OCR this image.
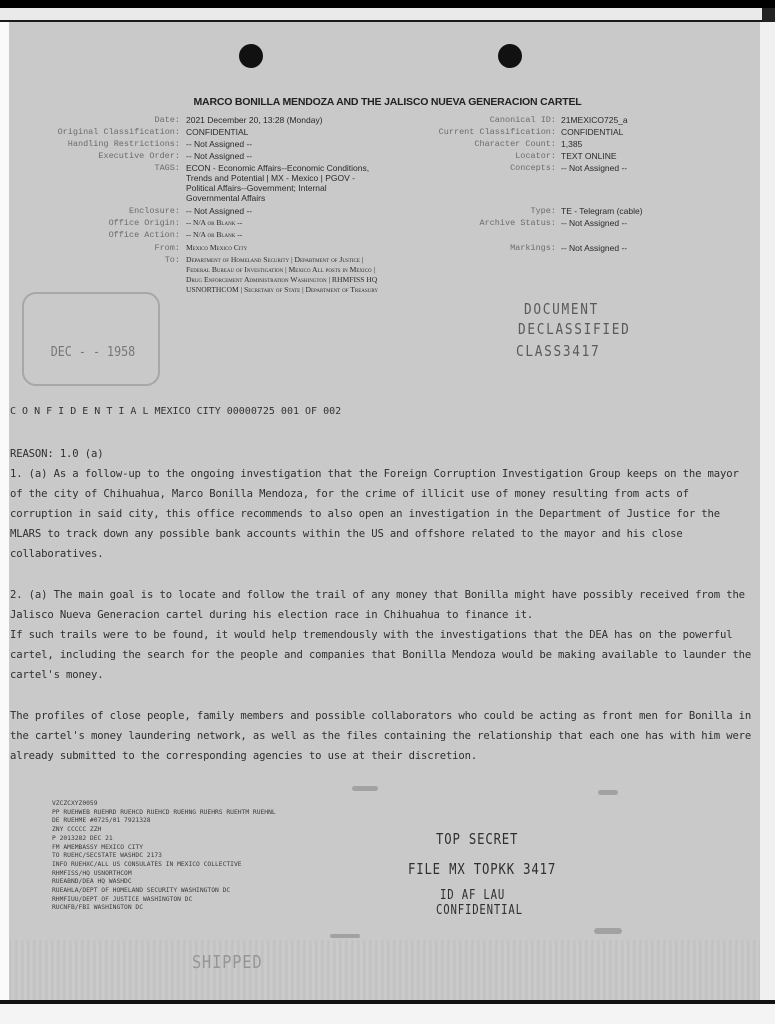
MARCO BONILLA MENDOZA AND THE JALISCO NUEVA GENERACION CARTEL
Date: 2021 December 20, 13:28 (Monday)
Original Classification: CONFIDENTIAL
Handling Restrictions: -- Not Assigned --
Executive Order: -- Not Assigned --
TAGS: ECON - Economic Affairs--Economic Conditions, Trends and Potential | MX - Mexico | PGOV - Political Affairs--Government; Internal Governmental Affairs
Enclosure: -- Not Assigned --
Office Origin: -- N/A or Blank --
Office Action: -- N/A or Blank --
From: Mexico Mexico City
To: Department of Homeland Security | Department of Justice | Federal Bureau of Investigation | Mexico All posts in Mexico | Drug Enforcement Administration Washington | RHMFISS HQ USNORTHCOM | Secretary of State | Department of Treasury
Canonical ID: 21MEXICO725_a
Current Classification: CONFIDENTIAL
Character Count: 1,385
Locator: TEXT ONLINE
Concepts: -- Not Assigned --
Type: TE - Telegram (cable)
Archive Status: -- Not Assigned --
Markings: -- Not Assigned --
DEC - - 1958
DOCUMENT
DECLASSIFIED
CLASS3417
C O N F I D E N T I A L MEXICO CITY 00000725 001 OF 002
REASON: 1.0 (a)
1. (a) As a follow-up to the ongoing investigation that the Foreign Corruption Investigation Group keeps on the mayor of the city of Chihuahua, Marco Bonilla Mendoza, for the crime of illicit use of money resulting from acts of corruption in said city, this office recommends to also open an investigation in the Department of Justice for the MLARS to track down any possible bank accounts within the US and offshore related to the mayor and his close collaboratives.
2. (a) The main goal is to locate and follow the trail of any money that Bonilla might have possibly received from the Jalisco Nueva Generacion cartel during his election race in Chihuahua to finance it.
If such trails were to be found, it would help tremendously with the investigations that the DEA has on the powerful cartel, including the search for the people and companies that Bonilla Mendoza would be making available to launder the cartel's money.
The profiles of close people, family members and possible collaborators who could be acting as front men for Bonilla in the cartel's money laundering network, as well as the files containing the relationship that each one has with him were already submitted to the corresponding agencies to use at their discretion.
VZCZCXYZ0059
PP RUEHWEB RUEHRD RUEHCD RUEHCD RUEHNG RUEHRS RUEHTM RUEHNL
DE RUEHME #0725/01 7921328
ZNY CCCCC ZZH
P 2013282 DEC 21
FM AMEMBASSY MEXICO CITY
TO RUEHC/SECSTATE WASHDC 2173
INFO RUEHXC/ALL US CONSULATES IN MEXICO COLLECTIVE
RHMFISS/HQ USNORTHCOM
RUEABND/DEA HQ WASHDC
RUEAHLA/DEPT OF HOMELAND SECURITY WASHINGTON DC
RHMFIUU/DEPT OF JUSTICE WASHINGTON DC
RUCNFB/FBI WASHINGTON DC
TOP SECRET
FILE MX TOPKK 3417
ID AF LAU
CONFIDENTIAL
SHIPPED
